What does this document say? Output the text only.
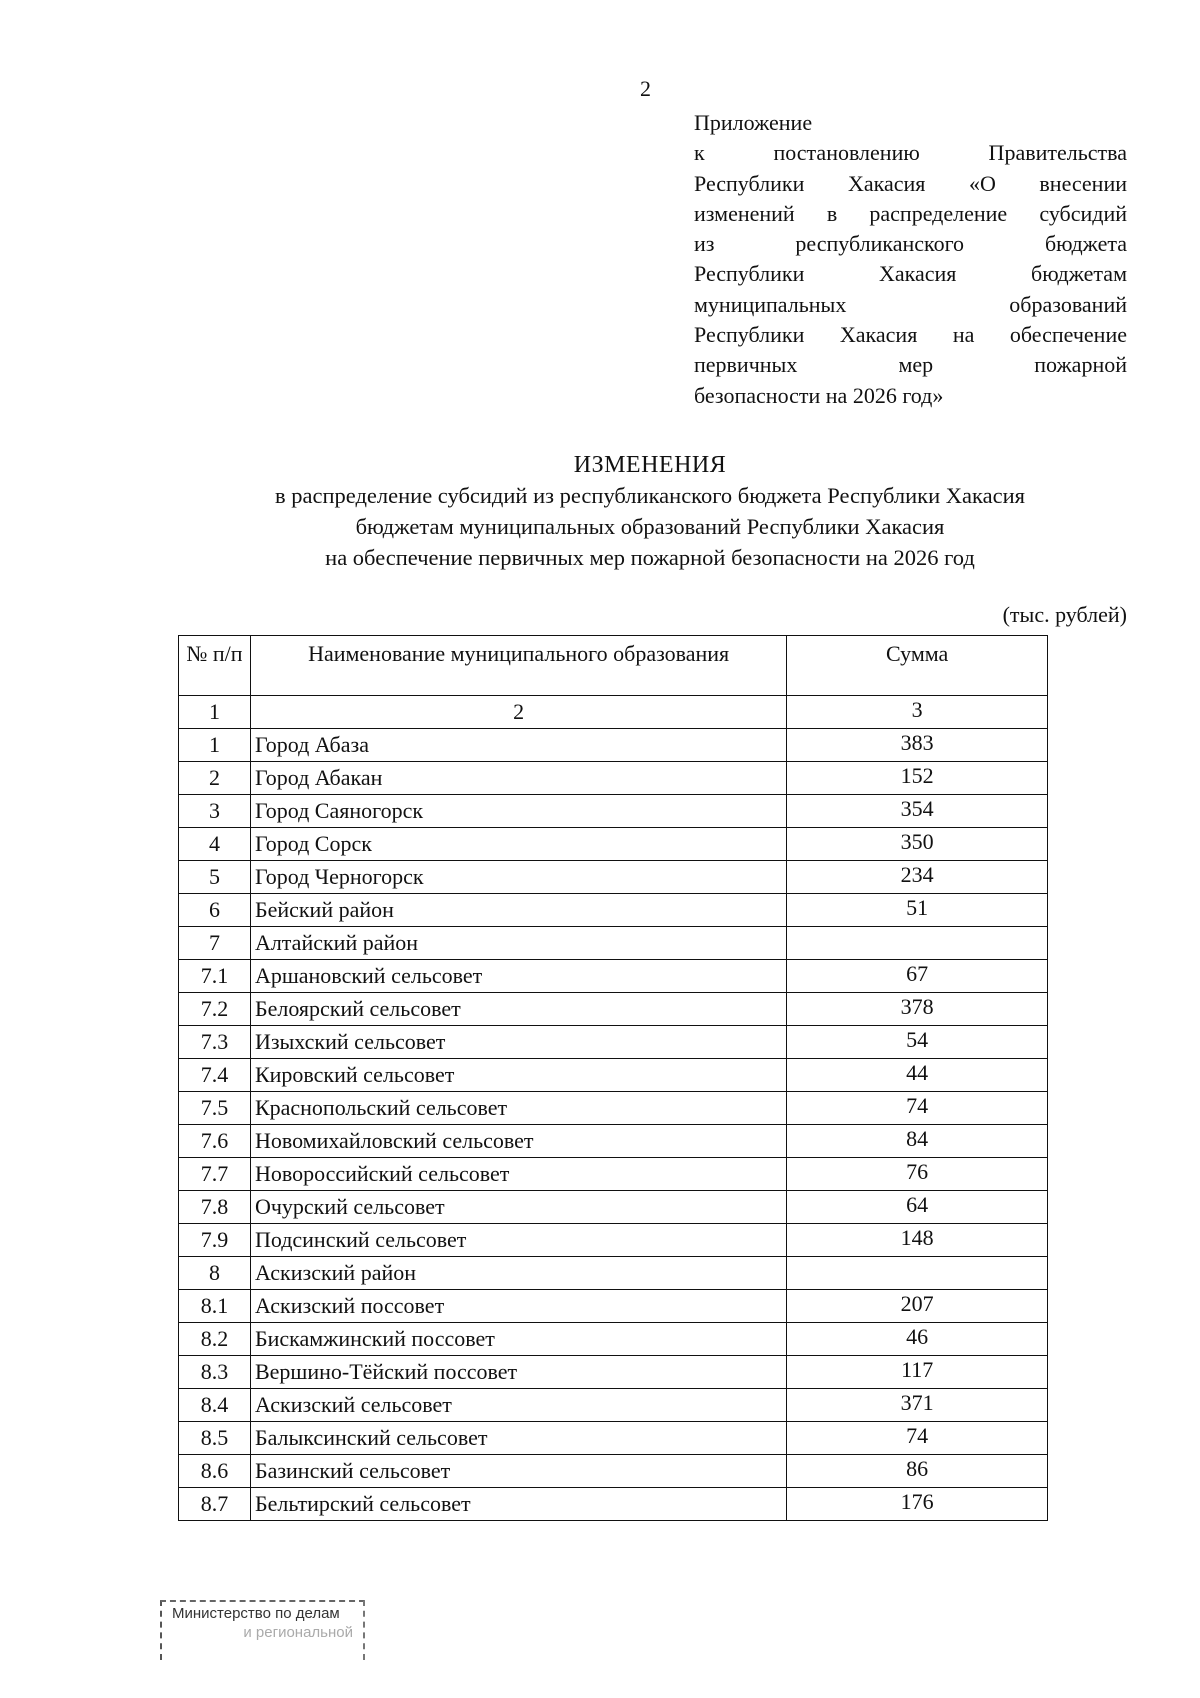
2
Приложение
к постановлению Правительства
Республики Хакасия «О внесении
изменений в распределение субсидий
из республиканского бюджета
Республики Хакасия бюджетам
муниципальных образований
Республики Хакасия на обеспечение
первичных мер пожарной
безопасности на 2026 год»
ИЗМЕНЕНИЯ
в распределение субсидий из республиканского бюджета Республики Хакасия
бюджетам муниципальных образований Республики Хакасия
на обеспечение первичных мер пожарной безопасности на 2026 год
(тыс. рублей)
№ п/п	Наименование муниципального образования	Сумма
1	2	3
1	Город Абаза	383
2	Город Абакан	152
3	Город Саяногорск	354
4	Город Сорск	350
5	Город Черногорск	234
6	Бейский район	51
7	Алтайский район	
7.1	Аршановский сельсовет	67
7.2	Белоярский сельсовет	378
7.3	Изыхский сельсовет	54
7.4	Кировский сельсовет	44
7.5	Краснопольский сельсовет	74
7.6	Новомихайловский сельсовет	84
7.7	Новороссийский сельсовет	76
7.8	Очурский сельсовет	64
7.9	Подсинский сельсовет	148
8	Аскизский район	
8.1	Аскизский поссовет	207
8.2	Бискамжинский поссовет	46
8.3	Вершино-Тёйский поссовет	117
8.4	Аскизский сельсовет	371
8.5	Балыксинский сельсовет	74
8.6	Базинский сельсовет	86
8.7	Бельтирский сельсовет	176
Министерство по делам
и региональной
